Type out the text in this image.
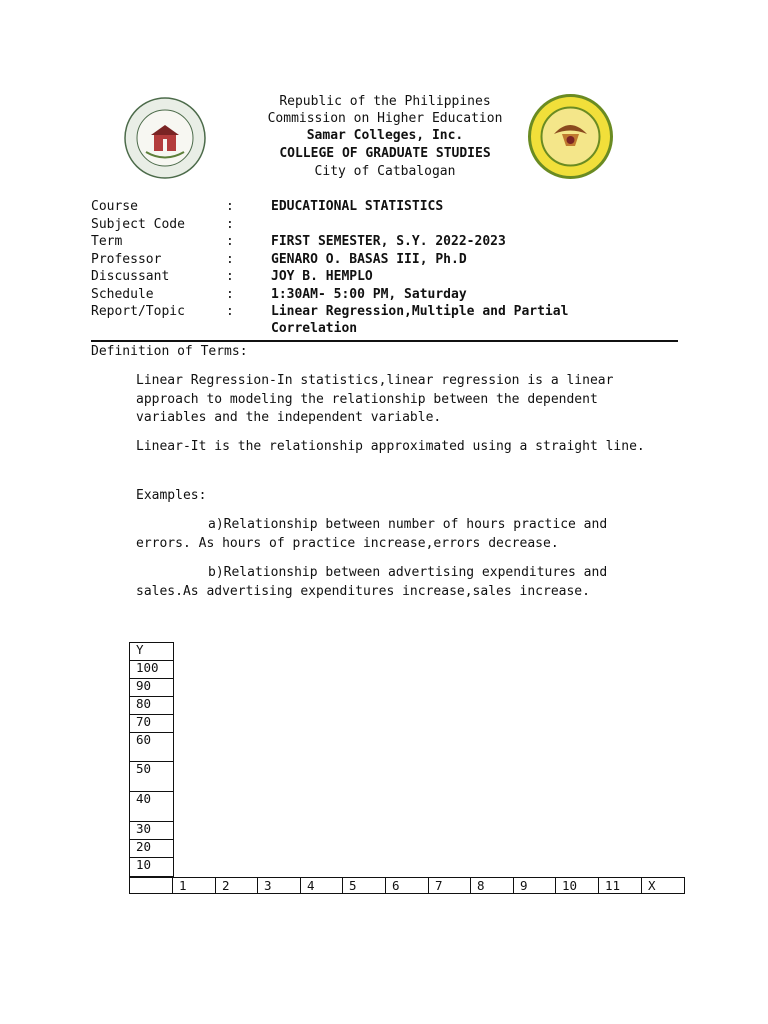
Republic of the Philippines
Commission on Higher Education
Samar Colleges, Inc.
COLLEGE OF GRADUATE STUDIES
City of Catbalogan
Course	:	EDUCATIONAL STATISTICS
Subject Code	:
Term	:	FIRST SEMESTER, S.Y. 2022-2023
Professor	:	GENARO O. BASAS III, Ph.D
Discussant	:	JOY B. HEMPLO
Schedule	:	1:30AM- 5:00 PM, Saturday
Report/Topic	:	Linear Regression,Multiple and Partial
Correlation
Definition of Terms:
Linear Regression-In statistics,linear regression is a linear approach to modeling the relationship between the dependent variables and the independent variable.
Linear-It is the relationship approximated using a straight line.
Examples:
a)Relationship between number of hours practice and
errors. As hours of practice increase,errors decrease.
b)Relationship between advertising expenditures and
sales.As advertising expenditures increase,sales increase.
Y
100
90
80
70
60
50
40
30
20
10
1	2	3	4	5	6	7	8	9	10	11	X
